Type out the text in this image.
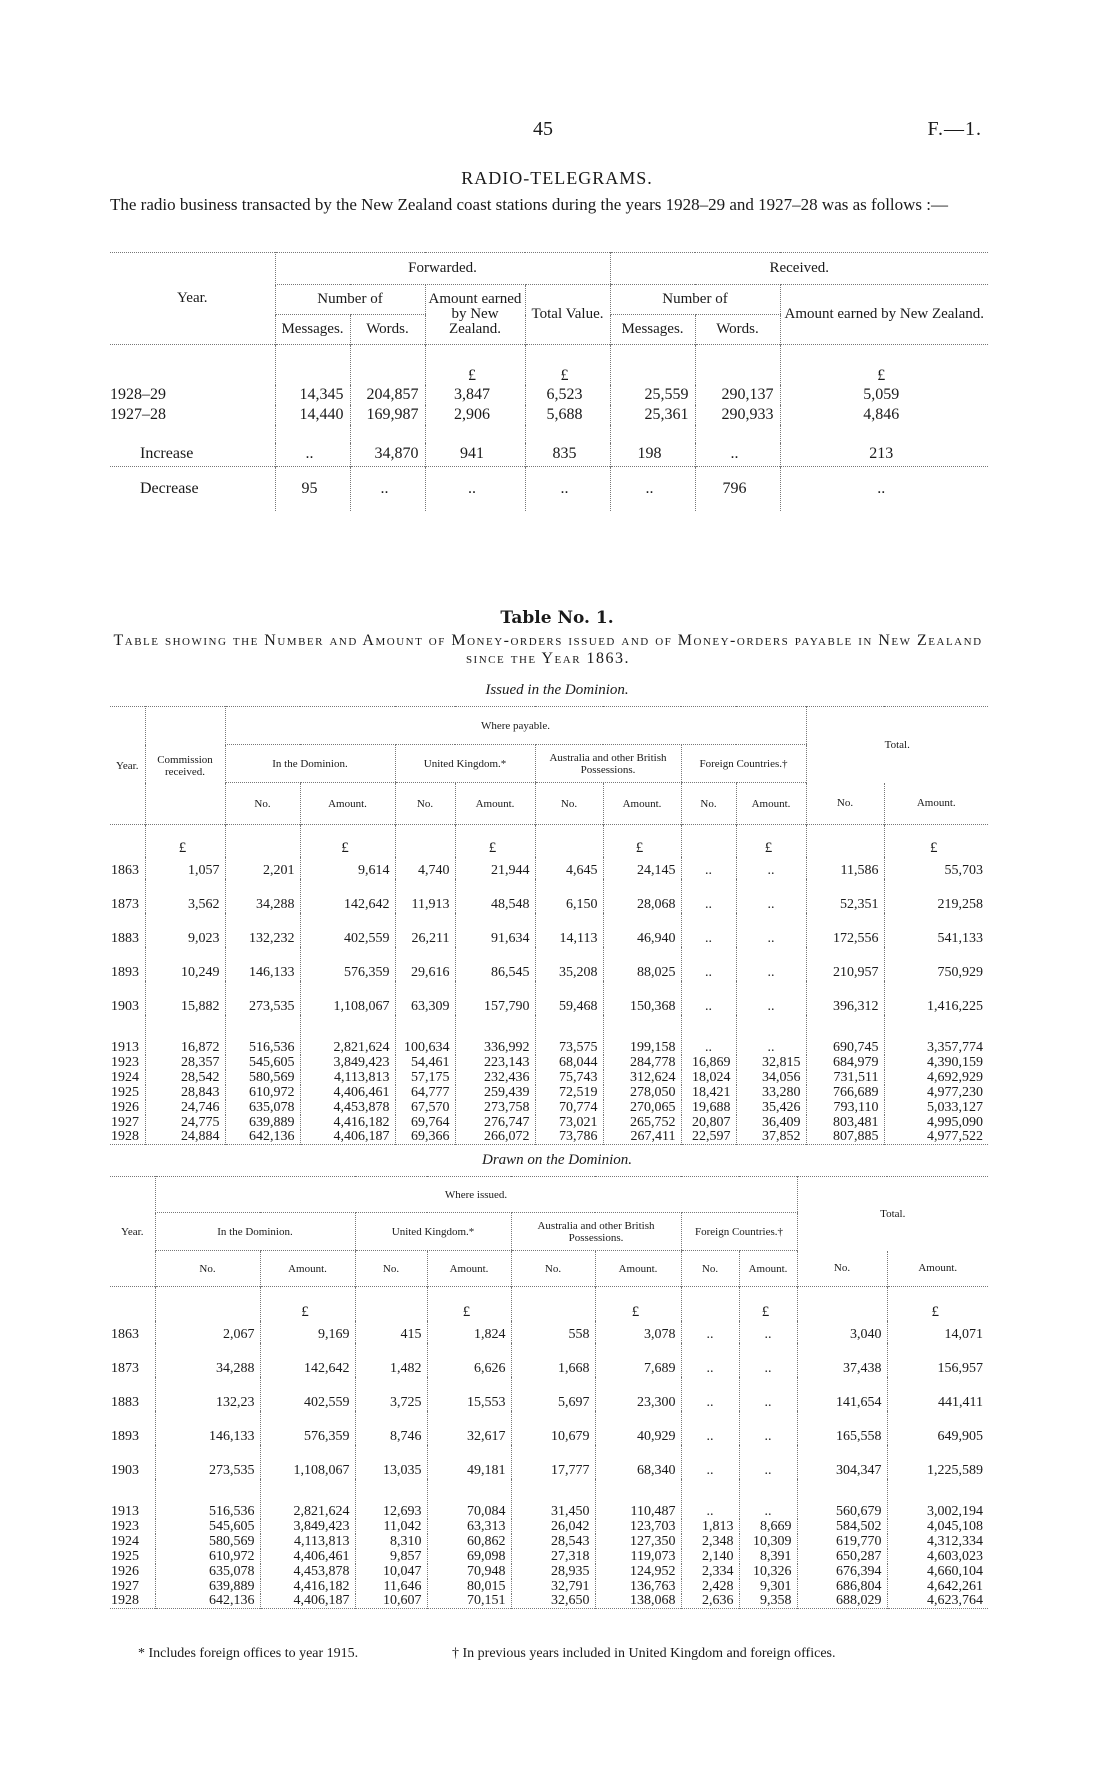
45	F.—1.
RADIO-TELEGRAMS.
The radio business transacted by the New Zealand coast stations during the years 1928–29 and 1927–28 was as follows :—
Year.	Forwarded.				Received.		
	Number of		Amount earned by New Zealand.	Total Value.	Number of		Amount earned by New Zealand.
	Messages.	Words.			Messages.	Words.	
			£	£			£
1928–29	14,345	204,857	3,847	6,523	25,559	290,137	5,059
1927–28	14,440	169,987	2,906	5,688	25,361	290,933	4,846

Increase	..	34,870	941	835	198	..	213
Decrease	95	..	..	..	..	796	..
Table No. 1.
Table showing the Number and Amount of Money-orders issued and of Money-orders payable in New Zealand since the Year 1863.
Issued in the Dominion.
Year.	Commission received.	Where payable.								Total.	
		In the Dominion.		United Kingdom.*		Australia and other British Possessions.		Foreign Countries.†			
		No.	Amount.	No.	Amount.	No.	Amount.	No.	Amount.	No.	Amount.
	£		£		£		£		£		£
1863	1,057	2,201	9,614	4,740	21,944	4,645	24,145	..	..	11,586	55,703
1873	3,562	34,288	142,642	11,913	48,548	6,150	28,068	..	..	52,351	219,258
1883	9,023	132,232	402,559	26,211	91,634	14,113	46,940	..	..	172,556	541,133
1893	10,249	146,133	576,359	29,616	86,545	35,208	88,025	..	..	210,957	750,929
1903	15,882	273,535	1,108,067	63,309	157,790	59,468	150,368	..	..	396,312	1,416,225
1913	16,872	516,536	2,821,624	100,634	336,992	73,575	199,158	..	..	690,745	3,357,774
1923	28,357	545,605	3,849,423	54,461	223,143	68,044	284,778	16,869	32,815	684,979	4,390,159
1924	28,542	580,569	4,113,813	57,175	232,436	75,743	312,624	18,024	34,056	731,511	4,692,929
1925	28,843	610,972	4,406,461	64,777	259,439	72,519	278,050	18,421	33,280	766,689	4,977,230
1926	24,746	635,078	4,453,878	67,570	273,758	70,774	270,065	19,688	35,426	793,110	5,033,127
1927	24,775	639,889	4,416,182	69,764	276,747	73,021	265,752	20,807	36,409	803,481	4,995,090
1928	24,884	642,136	4,406,187	69,366	266,072	73,786	267,411	22,597	37,852	807,885	4,977,522
Drawn on the Dominion.
Year.	Where issued.								Total.	
	In the Dominion.		United Kingdom.*		Australia and other British Possessions.		Foreign Countries.†			
	No.	Amount.	No.	Amount.	No.	Amount.	No.	Amount.	No.	Amount.
		£		£		£		£		£
1863	2,067	9,169	415	1,824	558	3,078	..	..	3,040	14,071
1873	34,288	142,642	1,482	6,626	1,668	7,689	..	..	37,438	156,957
1883	132,23	402,559	3,725	15,553	5,697	23,300	..	..	141,654	441,411
1893	146,133	576,359	8,746	32,617	10,679	40,929	..	..	165,558	649,905
1903	273,535	1,108,067	13,035	49,181	17,777	68,340	..	..	304,347	1,225,589
1913	516,536	2,821,624	12,693	70,084	31,450	110,487	..	..	560,679	3,002,194
1923	545,605	3,849,423	11,042	63,313	26,042	123,703	1,813	8,669	584,502	4,045,108
1924	580,569	4,113,813	8,310	60,862	28,543	127,350	2,348	10,309	619,770	4,312,334
1925	610,972	4,406,461	9,857	69,098	27,318	119,073	2,140	8,391	650,287	4,603,023
1926	635,078	4,453,878	10,047	70,948	28,935	124,952	2,334	10,326	676,394	4,660,104
1927	639,889	4,416,182	11,646	80,015	32,791	136,763	2,428	9,301	686,804	4,642,261
1928	642,136	4,406,187	10,607	70,151	32,650	138,068	2,636	9,358	688,029	4,623,764
* Includes foreign offices to year 1915.	† In previous years included in United Kingdom and foreign offices.
